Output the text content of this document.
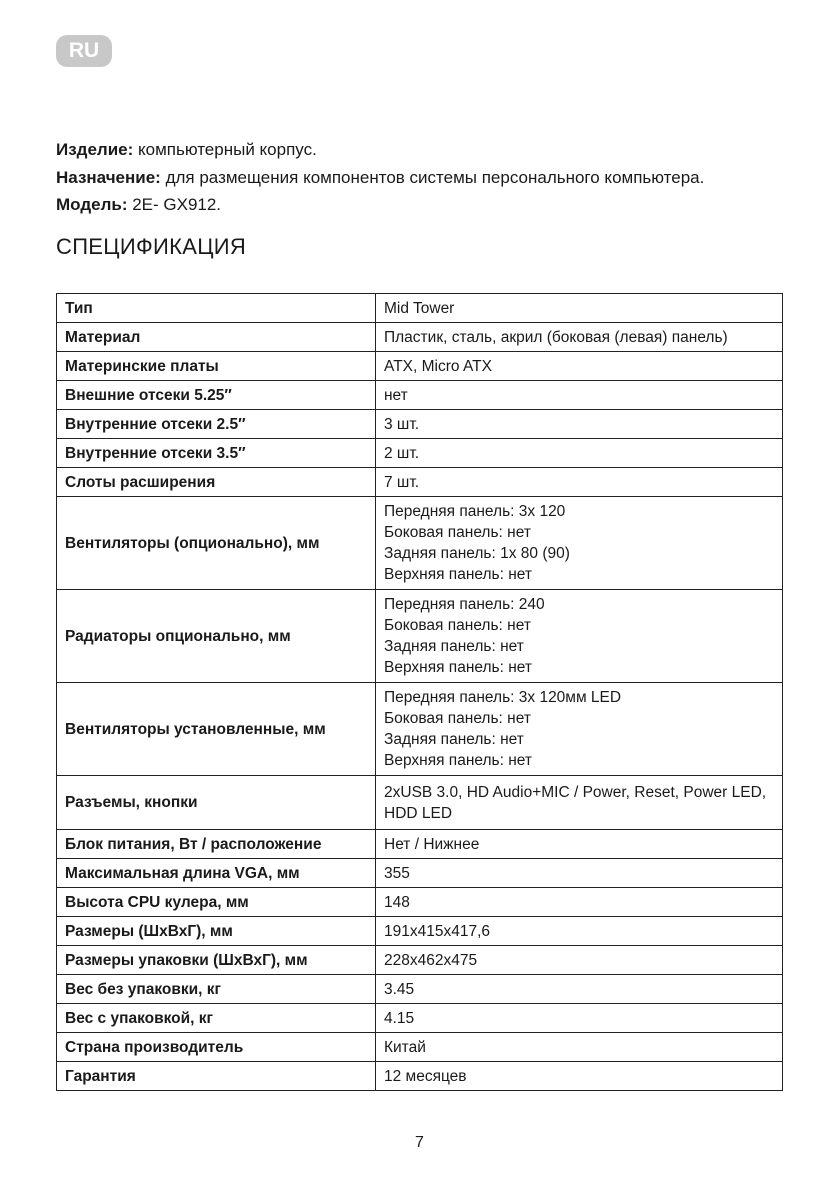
RU
Изделие: компьютерный корпус.
Назначение: для размещения компонентов системы персонального компьютера.
Модель: 2E- GX912.
СПЕЦИФИКАЦИЯ
Тип	Mid Tower

Материал	Пластик, сталь, акрил (боковая (левая) панель)

Материнские платы	ATX, Micro ATX

Внешние отсеки 5.25″	нет

Внутренние отсеки 2.5″	3 шт.

Внутренние отсеки 3.5″	2 шт.

Слоты расширения	7 шт.

Вентиляторы (опционально), мм	Передняя панель: 3x 120
Боковая панель: нет
Задняя панель: 1x 80 (90)
Верхняя панель: нет

Радиаторы опционально, мм	Передняя панель: 240
Боковая панель: нет
Задняя панель: нет
Верхняя панель: нет

Вентиляторы установленные, мм	Передняя панель: 3x 120мм LED
Боковая панель: нет
Задняя панель: нет
Верхняя панель: нет

Разъемы, кнопки	2xUSB 3.0, HD Audio+MIC / Power, Reset, Power LED, HDD LED

Блок питания, Вт / расположение	Нет / Нижнее

Максимальная длина VGA, мм	355

Высота CPU кулера, мм	148

Размеры (ШхВхГ), мм	191x415x417,6

Размеры упаковки (ШхВхГ), мм	228x462x475

Вес без упаковки, кг	3.45

Вес с упаковкой, кг	4.15

Страна производитель	Китай

Гарантия	12 месяцев
7
